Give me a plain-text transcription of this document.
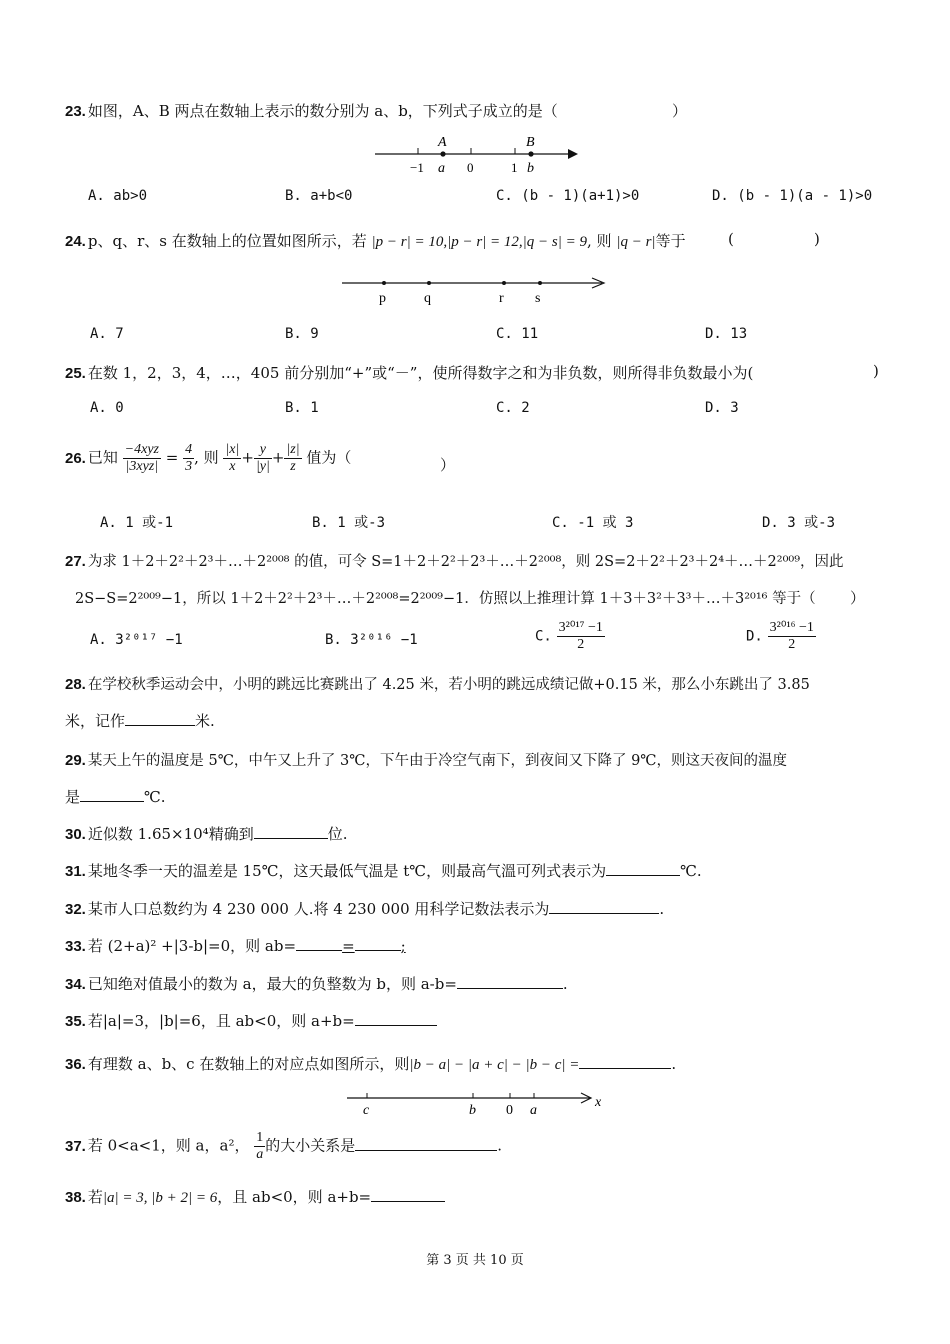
23. 如图，A、B 两点在数轴上表示的数分别为 a、b，下列式子成立的是（	）
A	B
−1 a 0	1 b
A. ab>0	B. a+b<0	C. (b - 1)(a+1)>0	D. (b - 1)(a - 1)>0
24. p、q、r、s 在数轴上的位置如图所示，若 |p − r| = 10,|p − r| = 12,|q − s| = 9, 则 |q − r|等于	(	)
p	q	r s
A. 7	B. 9	C. 11	D. 13
25. 在数 1，2，3，4，…，405 前分别加“+”或“－”，使所得数字之和为非负数，则所得非负数最小为(	)
A. 0	B. 1	C. 2	D. 3
26. 已知 $\frac{\text{−4xyz}}{\text{|3xyz|}} = \frac{4}{3}$ , 则 $\frac{|x|}{x} + \frac{y}{|y|} + \frac{|z|}{z}$ 值为（	）
A. 1 或-1	B. 1 或-3	C. -1 或 3	D. 3 或-3
27. 为求 1＋2＋2²＋2³＋…＋2²⁰⁰⁸ 的值，可令 S=1＋2＋2²＋2³＋…＋2²⁰⁰⁸，则 2S=2＋2²＋2³＋2⁴＋…＋2²⁰⁰⁹，因此
2S−S=2²⁰⁰⁹−1，所以 1＋2＋2²＋2³＋…＋2²⁰⁰⁸=2²⁰⁰⁹−1．仿照以上推理计算 1＋3＋3²＋3³＋…＋3²⁰¹⁶ 等于（ ）
A. 3²⁰¹⁷ −1	B. 3²⁰¹⁶ −1	C. $\frac{\text{3²⁰¹⁷ −1}}{2}$	D. $\frac{\text{3²⁰¹⁶ −1}}{2}$
28. 在学校秋季运动会中，小明的跳远比赛跳出了 4.25 米，若小明的跳远成绩记做+0.15 米，那么小东跳出了 3.85
米，记作	米.
29. 某天上午的温度是 5℃，中午又上升了 3℃，下午由于冷空气南下，到夜间又下降了 9℃，则这天夜间的温度
是	℃.
30. 近似数 1.65×10⁴精确到	位.
31. 某地冬季一天的温差是 15℃，这天最低气温是 t℃，则最高气溫可列式表示为	℃.
32. 某市人口总数约为 4 230 000 人.将 4 230 000 用科学记数法表示为	.
33. 若 (2+a)² +|3-b|=0，则 ab=	=	;
34. 已知绝对值最小的数为 a，最大的负整数为 b，则 a-b=	.
35. 若|a|=3，|b|=6，且 ab<0，则 a+b=
36. 有理数 a、b、c 在数轴上的对应点如图所示，则|b − a| − |a + c| − |b − c| =	.
c	b 0 a
x
37. 若 0<a<1，则 a，a²， $\frac{1}{a}$ 的大小关系是	.
38. 若|a| = 3, |b + 2| = 6，且 ab<0，则 a+b=
第 3 页 共 10 页
